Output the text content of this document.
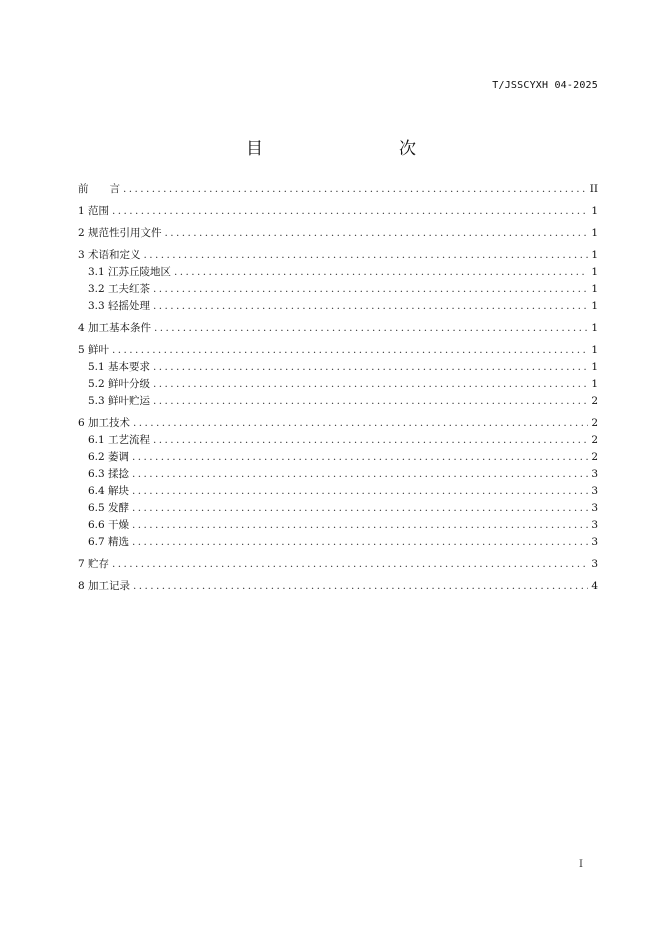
T/JSSCYXH 04-2025
目　　次
前　　言 .....	II
1 范围 .....	1
2 规范性引用文件 .....	1
3 术语和定义 .....	1
3.1 江苏丘陵地区 .....	1
3.2 工夫红茶 .....	1
3.3 轻摇处理 .....	1
4 加工基本条件 .....	1
5 鲜叶 .....	1
5.1 基本要求 .....	1
5.2 鲜叶分级 .....	1
5.3 鲜叶贮运 .....	2
6 加工技术 .....	2
6.1 工艺流程 .....	2
6.2 萎调 .....	2
6.3 揉捻 .....	3
6.4 解块 .....	3
6.5 发酵 .....	3
6.6 干燥 .....	3
6.7 精选 .....	3
7 贮存 .....	3
8 加工记录 .....	4
I
